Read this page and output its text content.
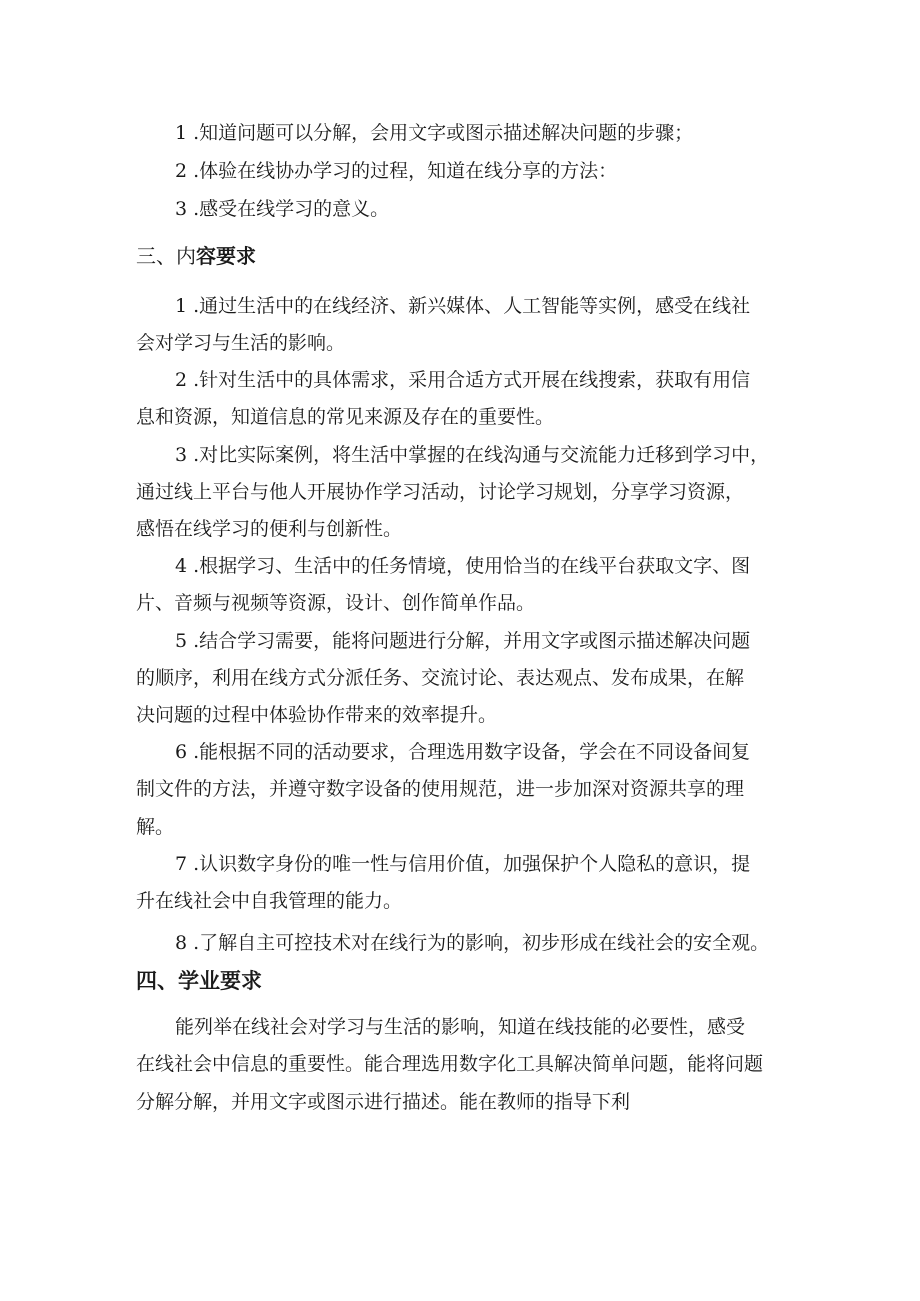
1 .知道问题可以分解，会用文字或图示描述解决问题的步骤；
2 .体验在线协办学习的过程，知道在线分享的方法：
3 .感受在线学习的意义。
三、内容要求
1 .通过生活中的在线经济、新兴媒体、人工智能等实例，感受在线社
会对学习与生活的影响。
2 .针对生活中的具体需求，采用合适方式开展在线搜索，获取有用信
息和资源，知道信息的常见来源及存在的重要性。
3 .对比实际案例，将生活中掌握的在线沟通与交流能力迁移到学习中，
通过线上平台与他人开展协作学习活动，讨论学习规划，分享学习资源，
感悟在线学习的便利与创新性。
4 .根据学习、生活中的任务情境，使用恰当的在线平台获取文字、图
片、音频与视频等资源，设计、创作简单作品。
5 .结合学习需要，能将问题进行分解，并用文字或图示描述解决问题
的顺序，利用在线方式分派任务、交流讨论、表达观点、发布成果，在解
决问题的过程中体验协作带来的效率提升。
6 .能根据不同的活动要求，合理选用数字设备，学会在不同设备间复
制文件的方法，并遵守数字设备的使用规范，进一步加深对资源共享的理
解。
7 .认识数字身份的唯一性与信用价值，加强保护个人隐私的意识，提
升在线社会中自我管理的能力。
8 .了解自主可控技术对在线行为的影响，初步形成在线社会的安全观。
四、学业要求
能列举在线社会对学习与生活的影响，知道在线技能的必要性，感受
在线社会中信息的重要性。能合理选用数字化工具解决简单问题，能将问题
分解分解，并用文字或图示进行描述。能在教师的指导下利
